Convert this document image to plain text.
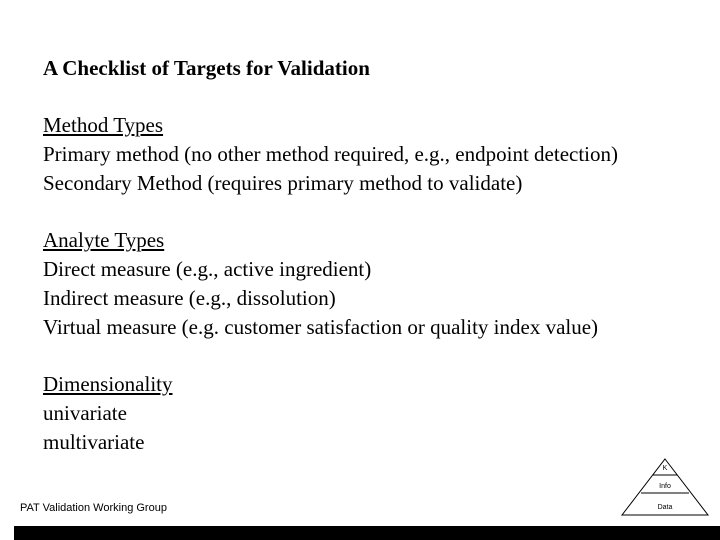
A Checklist of Targets for Validation
Method Types
Primary method (no other method required, e.g., endpoint detection)
Secondary Method (requires primary method to validate)
Analyte Types
Direct measure (e.g., active ingredient)
Indirect measure (e.g., dissolution)
Virtual measure (e.g. customer satisfaction or quality index value)
Dimensionality
univariate
multivariate
PAT Validation Working Group
K
Info
Data
